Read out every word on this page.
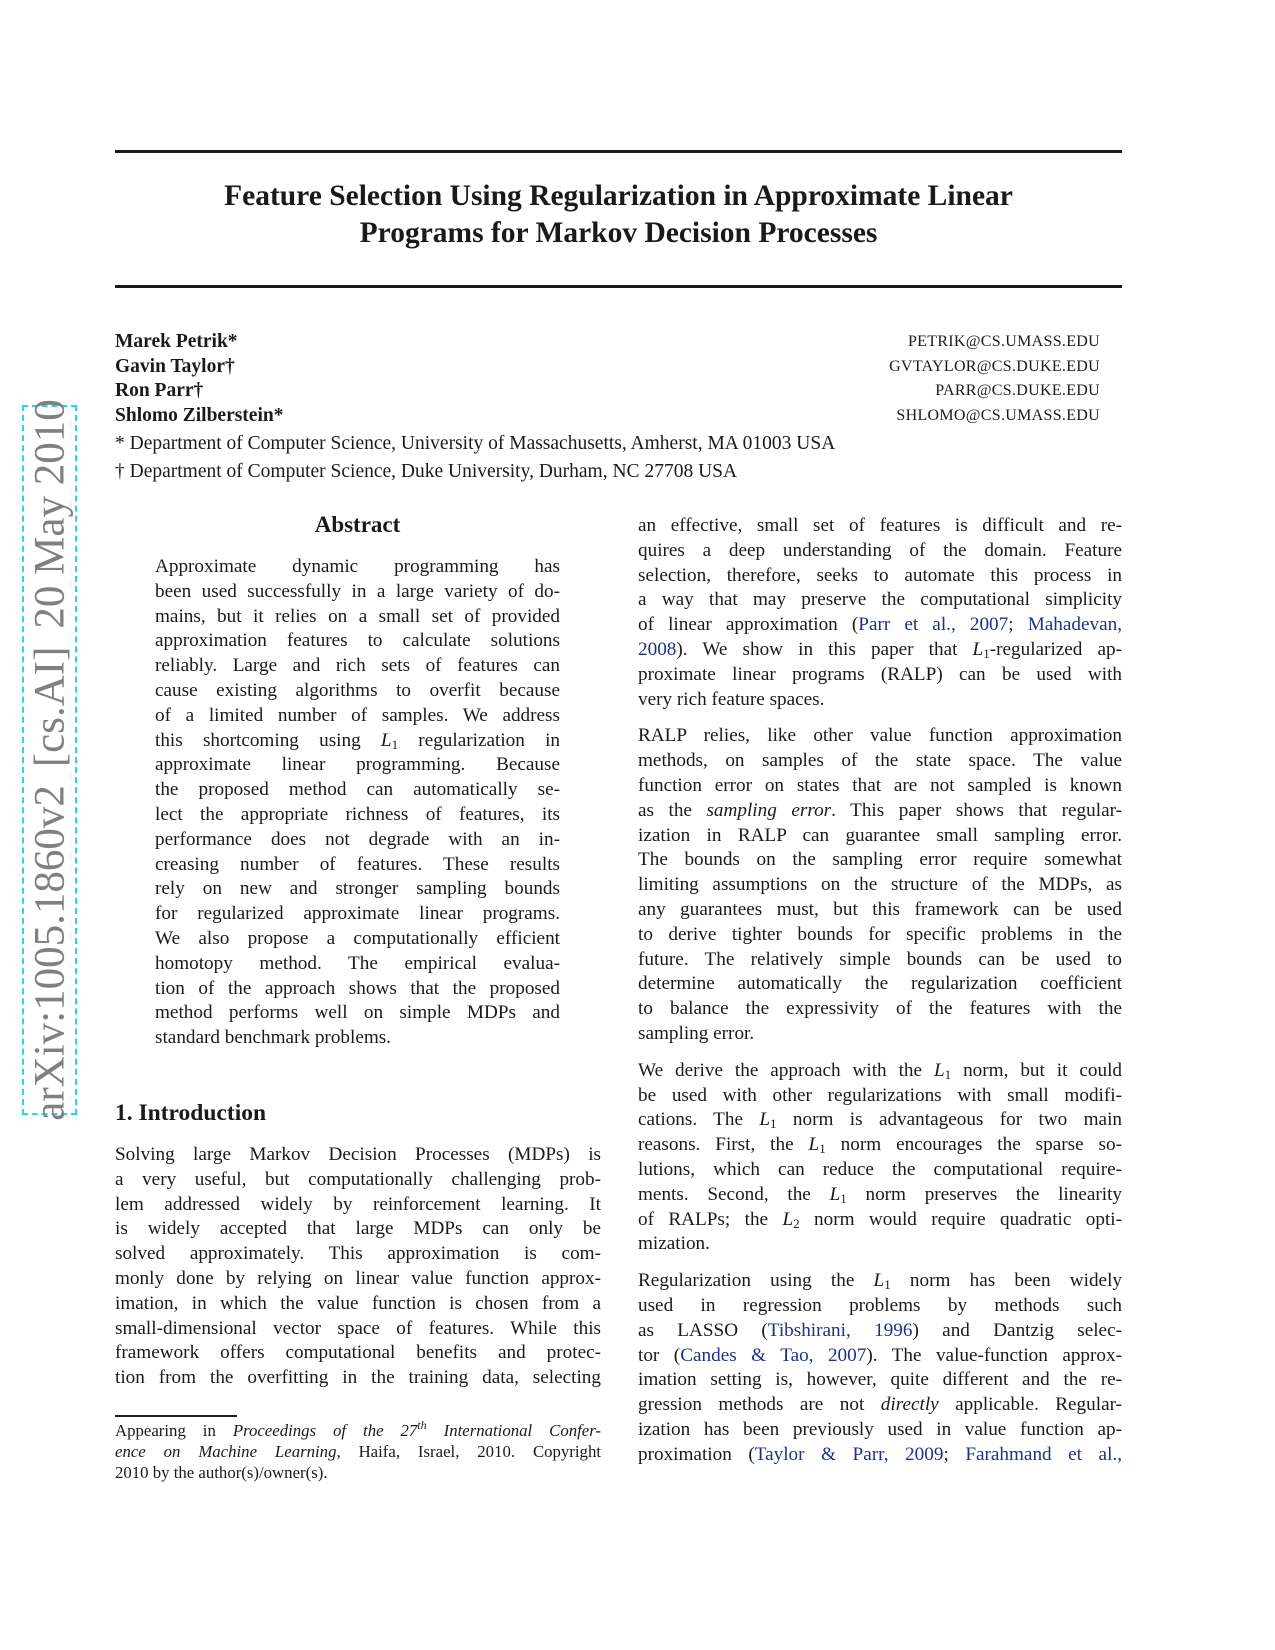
arXiv:1005.1860v2[cs.AI]20 May 2010
Feature Selection Using Regularization in Approximate Linear
Programs for Markov Decision Processes
Marek Petrik*	PETRIK@CS.UMASS.EDU
Gavin Taylor†	GVTAYLOR@CS.DUKE.EDU
Ron Parr†	PARR@CS.DUKE.EDU
Shlomo Zilberstein*	SHLOMO@CS.UMASS.EDU
* Department of Computer Science, University of Massachusetts, Amherst, MA 01003 USA
† Department of Computer Science, Duke University, Durham, NC 27708 USA
Abstract
Approximate dynamic programming has
been used successfully in a large variety of do-
mains, but it relies on a small set of provided
approximation features to calculate solutions
reliably. Large and rich sets of features can
cause existing algorithms to overfit because
of a limited number of samples. We address
this shortcoming using $L_1$ regularization in
approximate linear programming. Because
the proposed method can automatically se-
lect the appropriate richness of features, its
performance does not degrade with an in-
creasing number of features. These results
rely on new and stronger sampling bounds
for regularized approximate linear programs.
We also propose a computationally efficient
homotopy method. The empirical evalua-
tion of the approach shows that the proposed
method performs well on simple MDPs and
standard benchmark problems.
1. Introduction
Solving large Markov Decision Processes (MDPs) is
a very useful, but computationally challenging prob-
lem addressed widely by reinforcement learning. It
is widely accepted that large MDPs can only be
solved approximately. This approximation is com-
monly done by relying on linear value function approx-
imation, in which the value function is chosen from a
small-dimensional vector space of features. While this
framework offers computational benefits and protec-
tion from the overfitting in the training data, selecting
Appearing in Proceedings of the 27th International Confer-
ence on Machine Learning, Haifa, Israel, 2010. Copyright
2010 by the author(s)/owner(s).
an effective, small set of features is difficult and re-
quires a deep understanding of the domain. Feature
selection, therefore, seeks to automate this process in
a way that may preserve the computational simplicity
of linear approximation (Parr et al., 2007; Mahadevan,
2008). We show in this paper that $L_1$-regularized ap-
proximate linear programs (RALP) can be used with
very rich feature spaces.
RALP relies, like other value function approximation
methods, on samples of the state space. The value
function error on states that are not sampled is known
as the sampling error. This paper shows that regular-
ization in RALP can guarantee small sampling error.
The bounds on the sampling error require somewhat
limiting assumptions on the structure of the MDPs, as
any guarantees must, but this framework can be used
to derive tighter bounds for specific problems in the
future. The relatively simple bounds can be used to
determine automatically the regularization coefficient
to balance the expressivity of the features with the
sampling error.
We derive the approach with the $L_1$ norm, but it could
be used with other regularizations with small modifi-
cations. The $L_1$ norm is advantageous for two main
reasons. First, the $L_1$ norm encourages the sparse so-
lutions, which can reduce the computational require-
ments. Second, the $L_1$ norm preserves the linearity
of RALPs; the $L_2$ norm would require quadratic opti-
mization.
Regularization using the $L_1$ norm has been widely
used in regression problems by methods such
as LASSO (Tibshirani, 1996) and Dantzig selec-
tor (Candes & Tao, 2007). The value-function approx-
imation setting is, however, quite different and the re-
gression methods are not directly applicable. Regular-
ization has been previously used in value function ap-
proximation (Taylor & Parr, 2009; Farahmand et al.,
